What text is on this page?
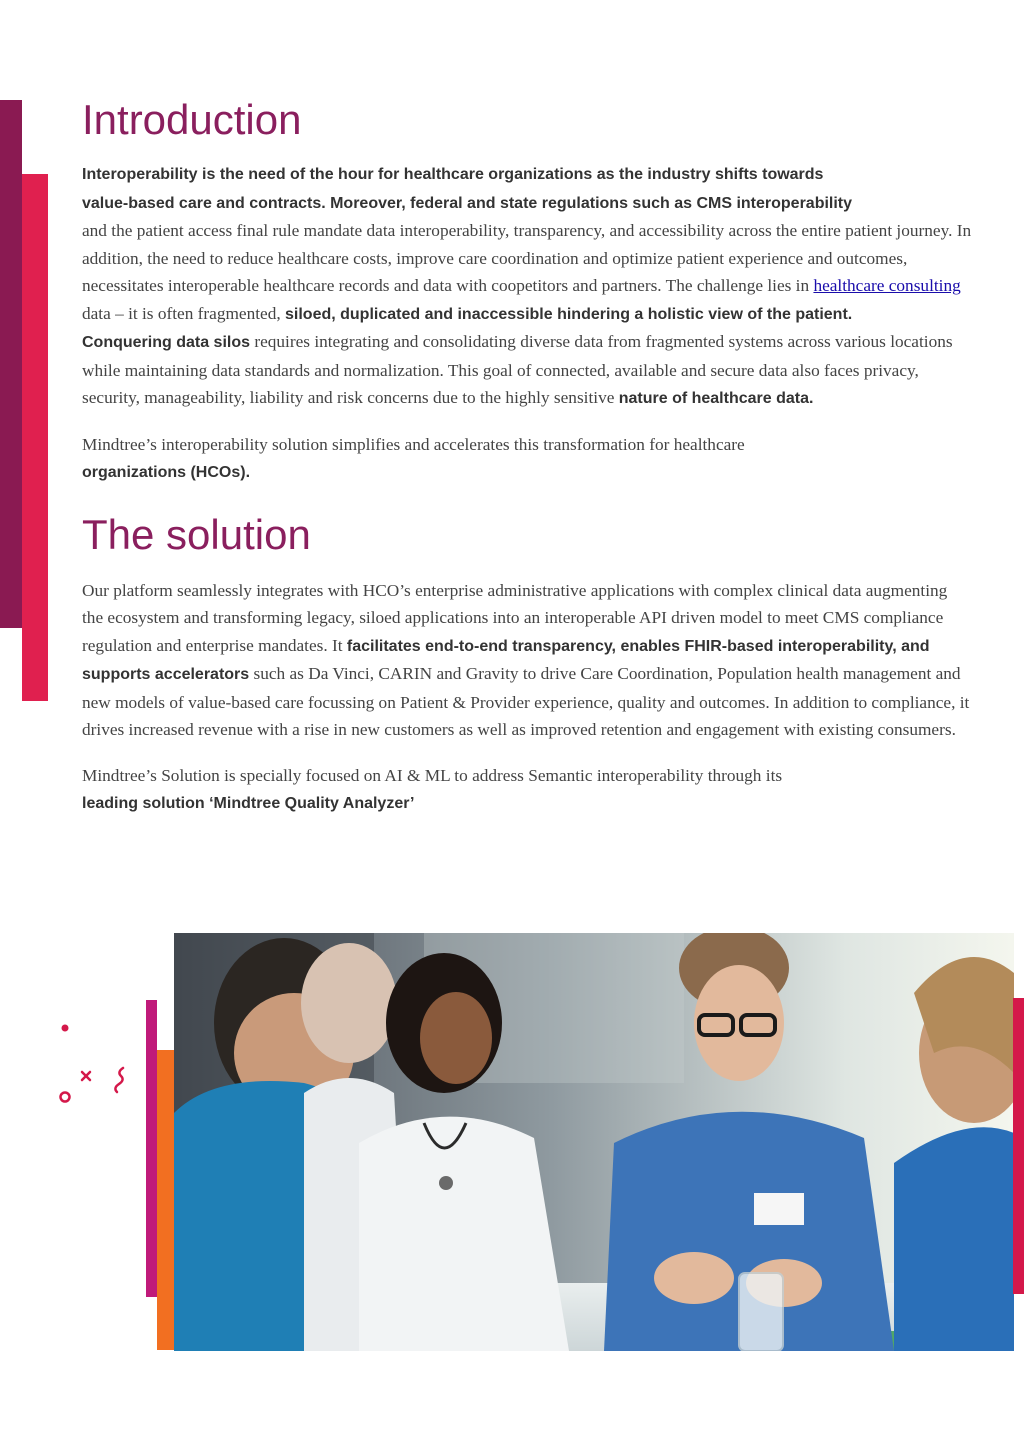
Introduction

Interoperability is the need of the hour for healthcare organizations as the industry shifts towards
value-based care and contracts. Moreover, federal and state regulations such as CMS interoperability
and the patient access final rule mandate data interoperability, transparency, and accessibility across the entire patient journey. In addition, the need to reduce healthcare costs, improve care coordination and optimize patient experience and outcomes, necessitates interoperable healthcare records and data with coopetitors and partners. The challenge lies in healthcare consulting data – it is often fragmented, siloed, duplicated and inaccessible hindering a holistic view of the patient.
Conquering data silos requires integrating and consolidating diverse data from fragmented systems across various locations while maintaining data standards and normalization. This goal of connected, available and secure data also faces privacy, security, manageability, liability and risk concerns due to the highly sensitive nature of healthcare data.

Mindtree’s interoperability solution simplifies and accelerates this transformation for healthcare
organizations (HCOs).

The solution

Our platform seamlessly integrates with HCO’s enterprise administrative applications with complex clinical data augmenting the ecosystem and transforming legacy, siloed applications into an interoperable API driven model to meet CMS compliance regulation and enterprise mandates. It facilitates end-to-end transparency, enables FHIR-based interoperability, and supports accelerators such as Da Vinci, CARIN and Gravity to drive Care Coordination, Population health management and new models of value-based care focussing on Patient & Provider experience, quality and outcomes. In addition to compliance, it drives increased revenue with a rise in new customers as well as improved retention and engagement with existing consumers.

Mindtree’s Solution is specially focused on AI & ML to address Semantic interoperability through its
leading solution ‘Mindtree Quality Analyzer’
